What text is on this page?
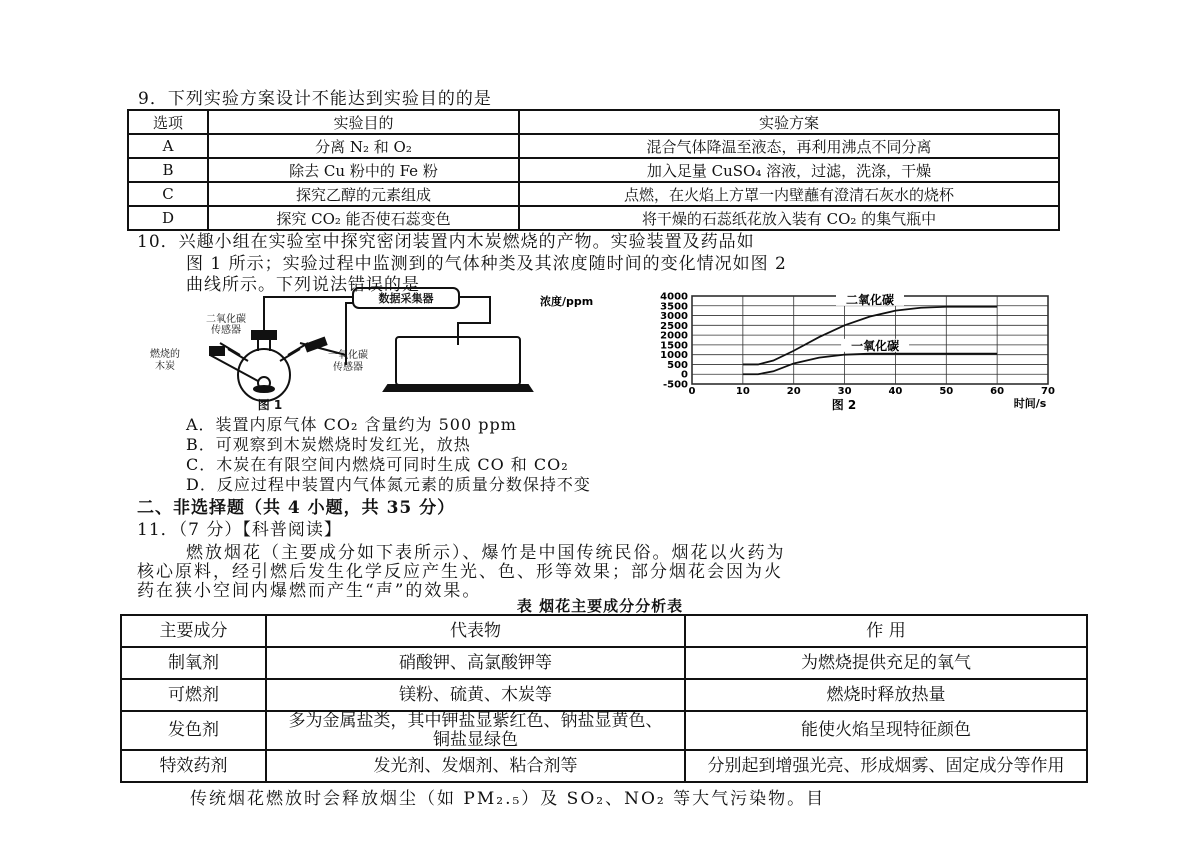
9．下列实验方案设计不能达到实验目的的是
选项	实验目的	实验方案
A	分离 N₂ 和 O₂	混合气体降温至液态，再利用沸点不同分离
B	除去 Cu 粉中的 Fe 粉	加入足量 CuSO₄ 溶液，过滤，洗涤，干燥
C	探究乙醇的元素组成	点燃，在火焰上方罩一内壁蘸有澄清石灰水的烧杯
D	探究 CO₂ 能否使石蕊变色	将干燥的石蕊纸花放入装有 CO₂ 的集气瓶中
10．兴趣小组在实验室中探究密闭装置内木炭燃烧的产物。实验装置及药品如
图 1 所示；实验过程中监测到的气体种类及其浓度随时间的变化情况如图 2
曲线所示。下列说法错误的是
二氧化碳
传感器
燃烧的
木炭
一氧化碳
传感器
数据采集器
图 1
-500
0
500
1000
1500
2000
2500
3000
3500
4000
0	10	20	30	40	50	60	70
二氧化碳
一氧化碳
浓度/ppm
时间/s
图 2
A．装置内原气体 CO₂ 含量约为 500 ppm
B．可观察到木炭燃烧时发红光，放热
C．木炭在有限空间内燃烧可同时生成 CO 和 CO₂
D．反应过程中装置内气体氮元素的质量分数保持不变
二、非选择题（共 4 小题，共 35 分）
11．（7 分）【科普阅读】
燃放烟花（主要成分如下表所示）、爆竹是中国传统民俗。烟花以火药为
核心原料，经引燃后发生化学反应产生光、色、形等效果；部分烟花会因为火
药在狭小空间内爆燃而产生“声”的效果。
表 烟花主要成分分析表
主要成分	代表物	作 用
制氧剂	硝酸钾、高氯酸钾等	为燃烧提供充足的氧气
可燃剂	镁粉、硫黄、木炭等	燃烧时释放热量
发色剂	多为金属盐类，其中钾盐显紫红色、钠盐显黄色、铜盐显绿色	能使火焰呈现特征颜色
特效药剂	发光剂、发烟剂、粘合剂等	分别起到增强光亮、形成烟雾、固定成分等作用
传统烟花燃放时会释放烟尘（如 PM₂.₅）及 SO₂、NO₂ 等大气污染物。目
